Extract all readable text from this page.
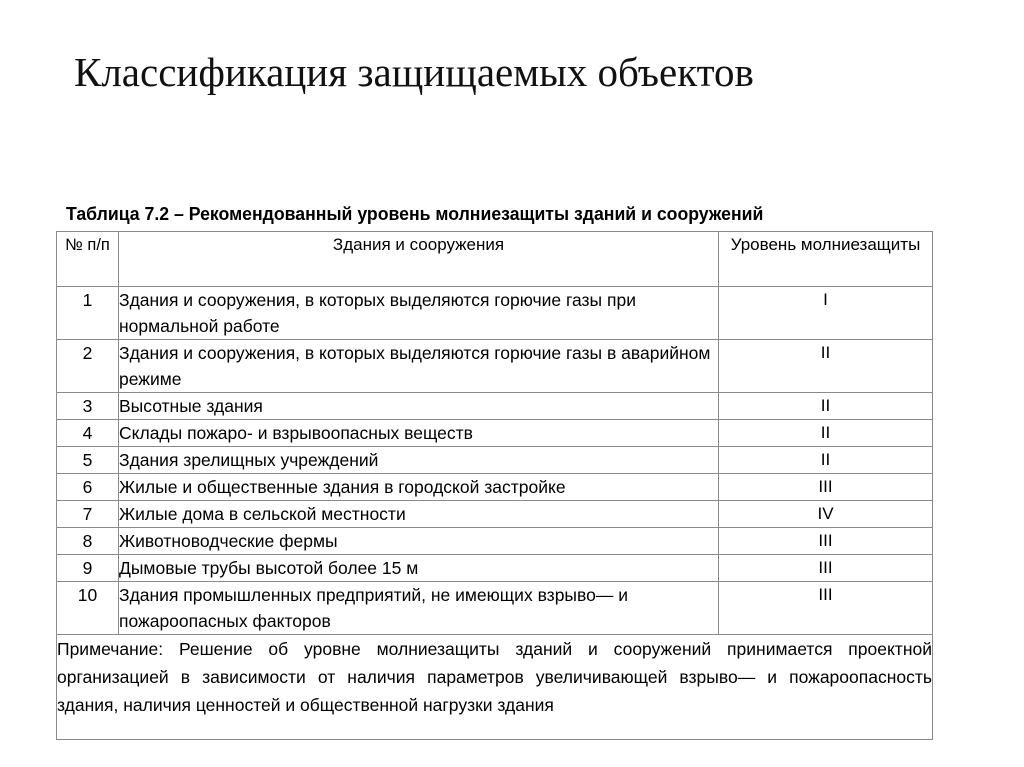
Классификация защищаемых объектов
Таблица 7.2 – Рекомендованный уровень молниезащиты зданий и сооружений
№ п/п	Здания и сооружения	Уровень молниезащиты
1	Здания и сооружения, в которых выделяются горючие газы при нормальной работе	I
2	Здания и сооружения, в которых выделяются горючие газы в аварийном режиме	II
3	Высотные здания	II
4	Склады пожаро- и взрывоопасных веществ	II
5	Здания зрелищных учреждений	II
6	Жилые и общественные здания в городской застройке	III
7	Жилые дома в сельской местности	IV
8	Животноводческие фермы	III
9	Дымовые трубы высотой более 15 м	III
10	Здания промышленных предприятий, не имеющих взрыво— и пожароопасных факторов	III
Примечание: Решение об уровне молниезащиты зданий и сооружений принимается проектной организацией в зависимости от наличия параметров увеличивающей взрыво— и пожароопасность здания, наличия ценностей и общественной нагрузки здания		
